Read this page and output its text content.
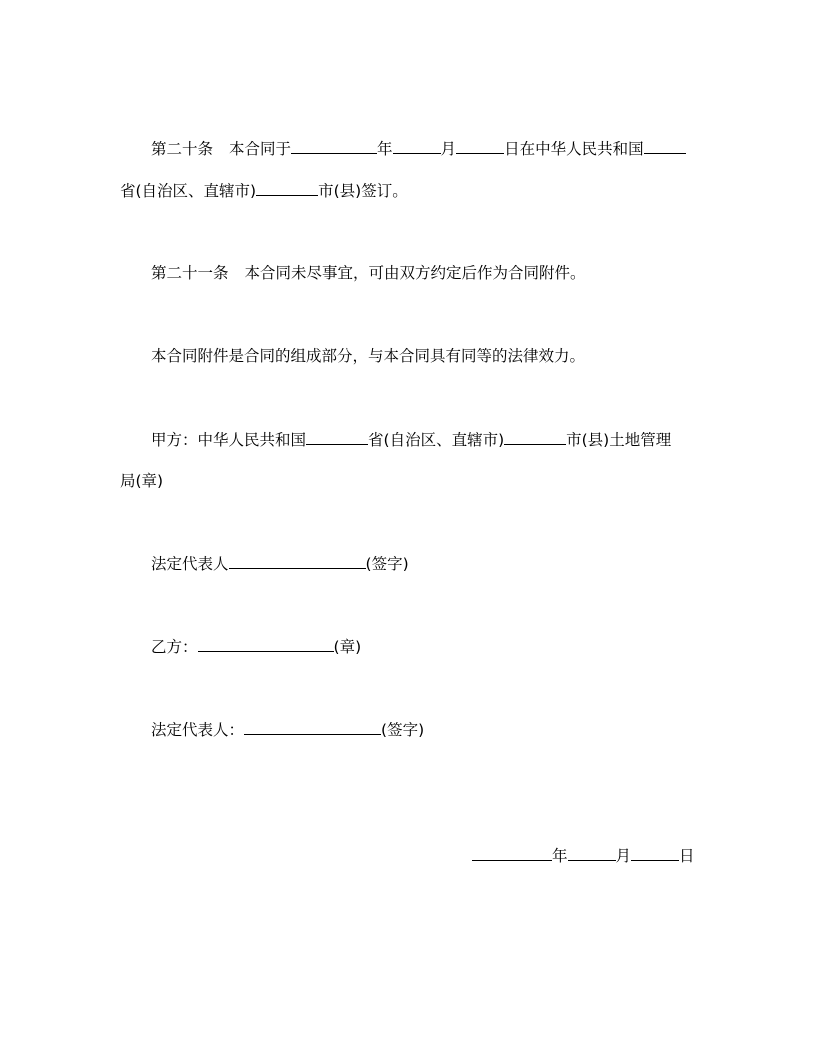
第二十条 本合同于	年	月	日在中华人民共和国
省(自治区、直辖市)	市(县)签订。
第二十一条 本合同未尽事宜，可由双方约定后作为合同附件。
本合同附件是合同的组成部分，与本合同具有同等的法律效力。
甲方：中华人民共和国	省(自治区、直辖市)	市(县)土地管理
局(章)
法定代表人	(签字)
乙方：	(章)
法定代表人：	(签字)
年	月	日
